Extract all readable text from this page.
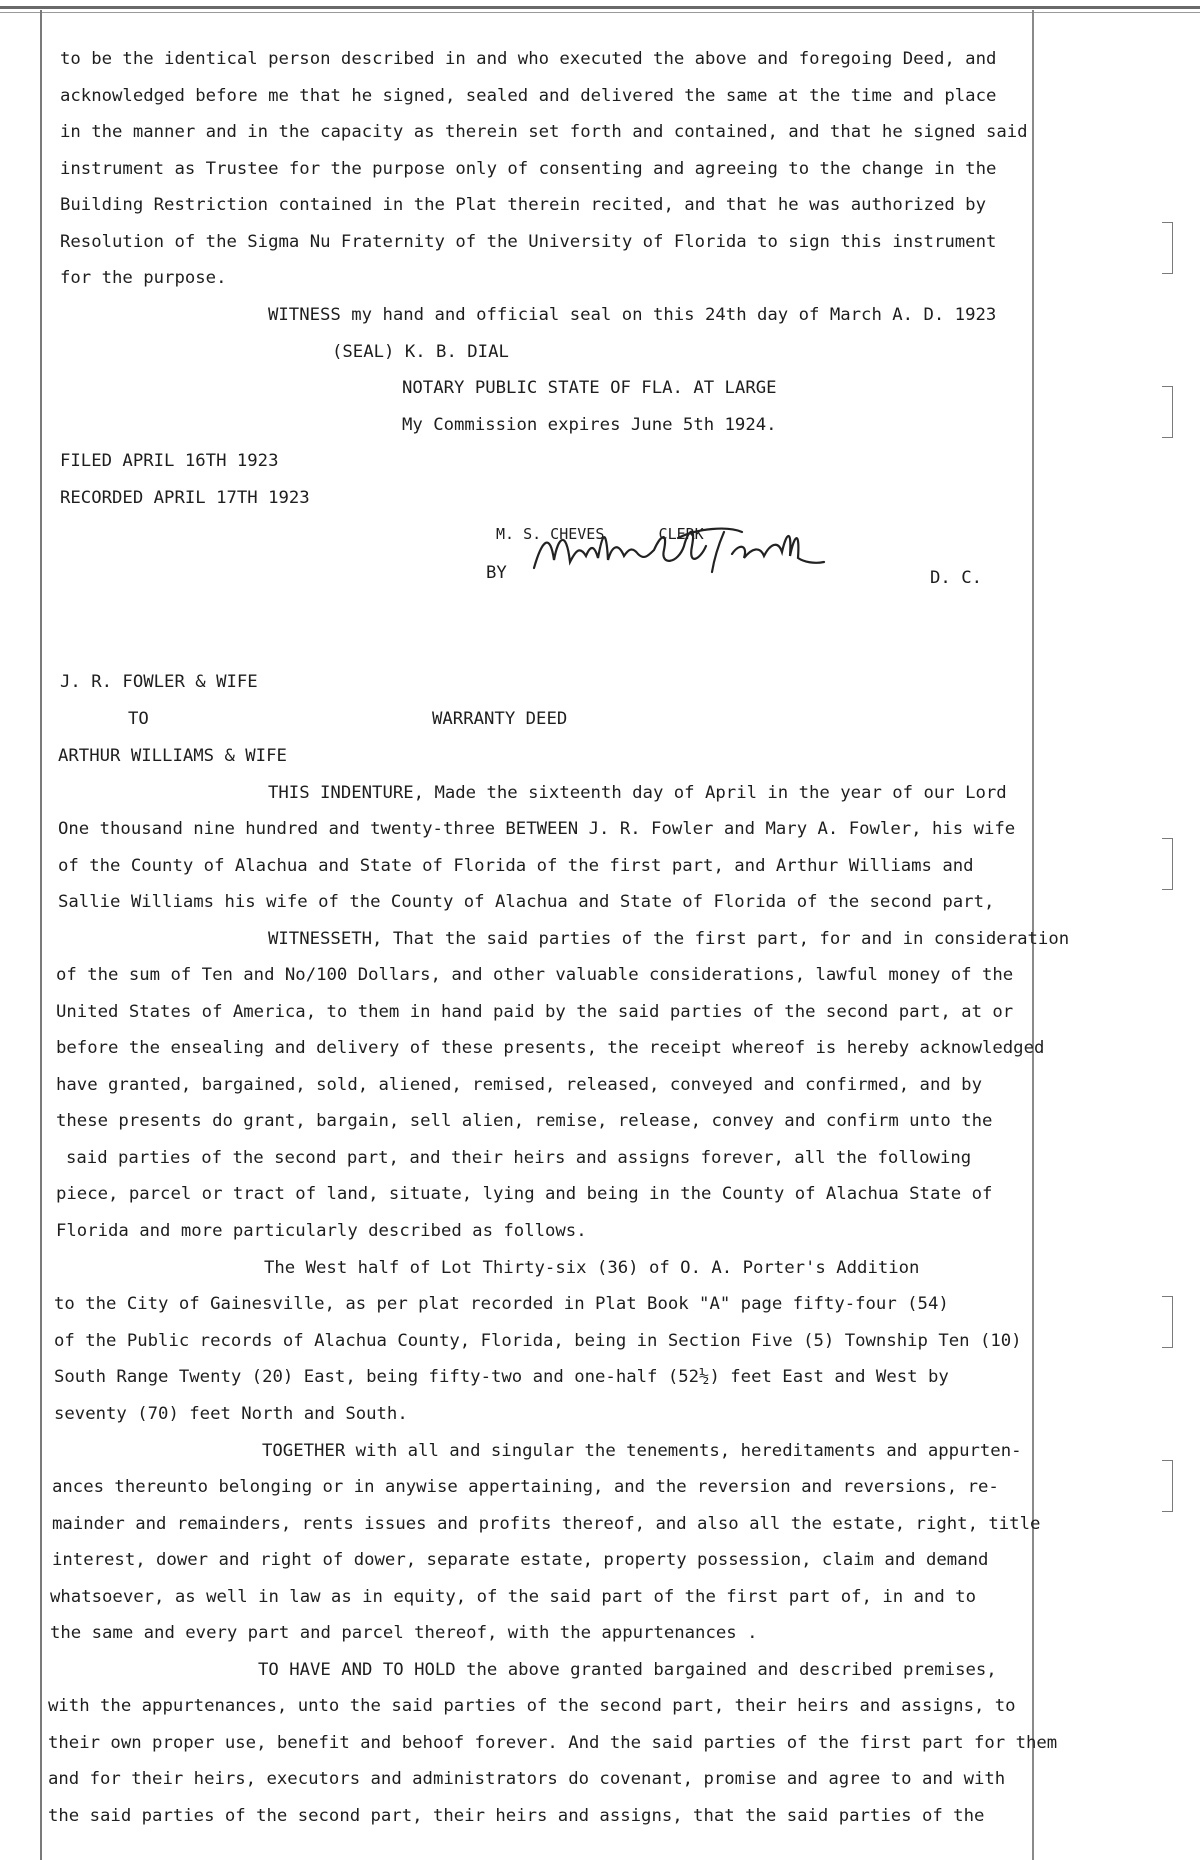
to be the identical person described in and who executed the above and foregoing Deed, and
acknowledged before me that he signed, sealed and delivered the same at the time and place
in the manner and in the capacity as therein set forth and contained, and that he signed said
instrument as Trustee for the purpose only of consenting and agreeing to the change in the
Building Restriction contained in the Plat therein recited, and that he was authorized by
Resolution of the Sigma Nu Fraternity of the University of Florida to sign this instrument
for the purpose.
WITNESS my hand and official seal on this 24th day of March A. D. 1923
(SEAL) K. B. DIAL
NOTARY PUBLIC STATE OF FLA. AT LARGE
My Commission expires June 5th 1924.
FILED APRIL 16TH 1923
RECORDED APRIL 17TH 1923
M. S. CHEVES      CLERK
BY	D. C.
J. R. FOWLER & WIFE
TO	WARRANTY DEED
ARTHUR WILLIAMS & WIFE
THIS INDENTURE, Made the sixteenth day of April in the year of our Lord
One thousand nine hundred and twenty-three BETWEEN J. R. Fowler and Mary A. Fowler, his wife
of the County of Alachua and State of Florida of the first part, and Arthur Williams and
Sallie Williams his wife of the County of Alachua and State of Florida of the second part,
WITNESSETH, That the said parties of the first part, for and in consideration
of the sum of Ten and No/100 Dollars, and other valuable considerations, lawful money of the
United States of America, to them in hand paid by the said parties of the second part, at or
before the ensealing and delivery of these presents, the receipt whereof is hereby acknowledged
have granted, bargained, sold, aliened, remised, released, conveyed and confirmed, and by
these presents do grant, bargain, sell alien, remise, release, convey and confirm unto the
said parties of the second part, and their heirs and assigns forever, all the following
piece, parcel or tract of land, situate, lying and being in the County of Alachua State of
Florida and more particularly described as follows.
The West half of Lot Thirty-six (36) of O. A. Porter's Addition
to the City of Gainesville, as per plat recorded in Plat Book "A" page fifty-four (54)
of the Public records of Alachua County, Florida, being in Section Five (5) Township Ten (10)
South Range Twenty (20) East, being fifty-two and one-half (52½) feet East and West by
seventy (70) feet North and South.
TOGETHER with all and singular the tenements, hereditaments and appurten-
ances thereunto belonging or in anywise appertaining, and the reversion and reversions, re-
mainder and remainders, rents issues and profits thereof, and also all the estate, right, title
interest, dower and right of dower, separate estate, property possession, claim and demand
whatsoever, as well in law as in equity, of the said part of the first part of, in and to
the same and every part and parcel thereof, with the appurtenances .
TO HAVE AND TO HOLD the above granted bargained and described premises,
with the appurtenances, unto the said parties of the second part, their heirs and assigns, to
their own proper use, benefit and behoof forever. And the said parties of the first part for them
and for their heirs, executors and administrators do covenant, promise and agree to and with
the said parties of the second part, their heirs and assigns, that the said parties of the
